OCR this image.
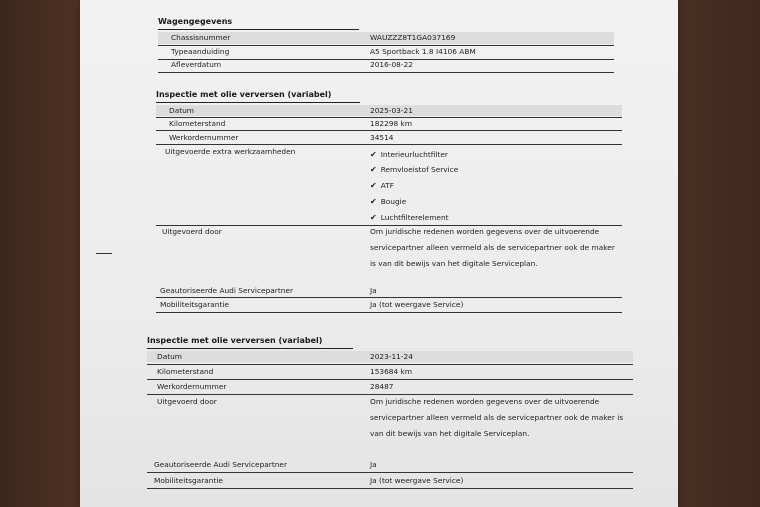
Wagengegevens
Chassisnummer	WAUZZZ8T1GA037169
Typeaanduiding	A5 Sportback 1.8 I4106 ABM
Afleverdatum	2016-08-22
Inspectie met olie verversen (variabel)
Datum	2025-03-21
Kilometerstand	182298 km
Werkordernummer	34514
Uitgevoerde extra werkzaamheden	✔ Interieurluchtfilter
✔ Remvloeistof Service
✔ ATF
✔ Bougie
✔ Luchtfilterelement
Uitgevoerd door	Om juridische redenen worden gegevens over de uitvoerende servicepartner alleen vermeld als de servicepartner ook de maker is van dit bewijs van het digitale Serviceplan.
Geautoriseerde Audi Servicepartner	Ja
Mobiliteitsgarantie	Ja (tot weergave Service)
Inspectie met olie verversen (variabel)
Datum	2023-11-24
Kilometerstand	153684 km
Werkordernummer	28487
Uitgevoerd door	Om juridische redenen worden gegevens over de uitvoerende servicepartner alleen vermeld als de servicepartner ook de maker is van dit bewijs van het digitale Serviceplan.
Geautoriseerde Audi Servicepartner	Ja
Mobiliteitsgarantie	Ja (tot weergave Service)
